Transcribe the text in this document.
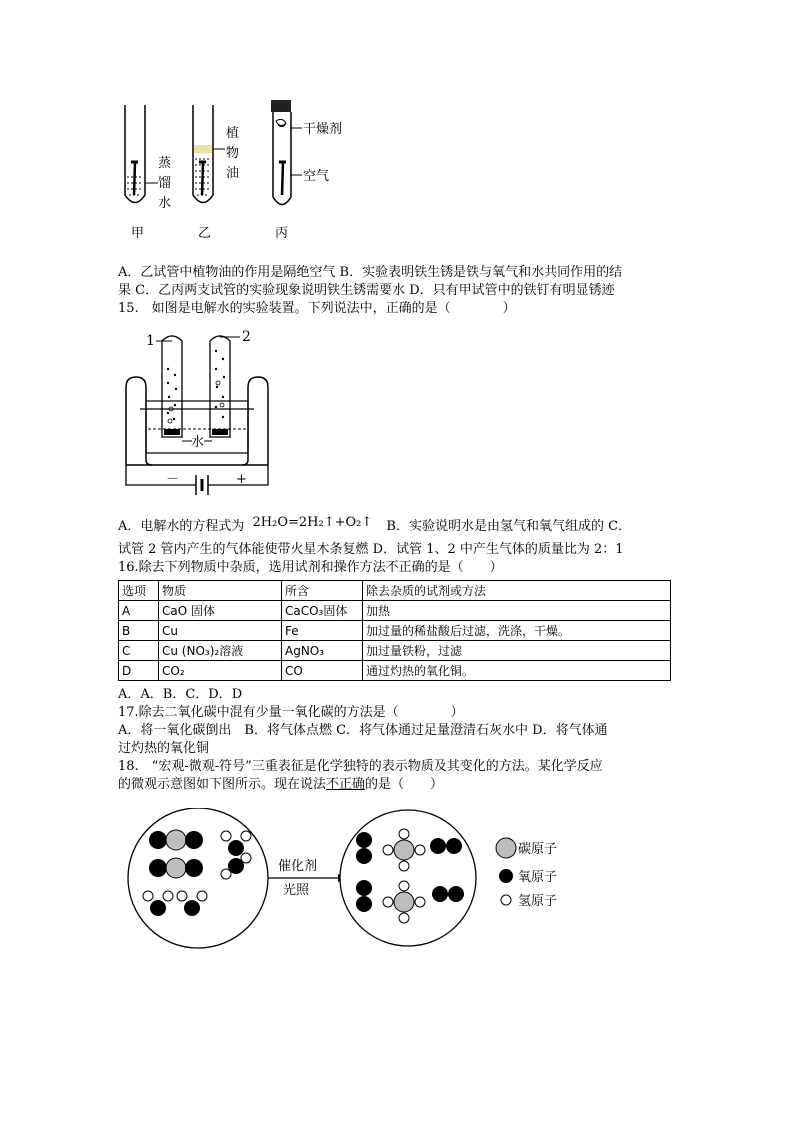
蒸
馏
水
植
物
油
干燥剂
空气
甲	乙	丙
A．乙试管中植物油的作用是隔绝空气 B．实验表明铁生锈是铁与氧气和水共同作用的结
果 C．乙丙两支试管的实验现象说明铁生锈需要水 D．只有甲试管中的铁钉有明显锈迹
15.　如图是电解水的实验装置。下列说法中，正确的是（　　　　）
1	2
水
－	+
A．电解水的方程式为 2H₂O=2H₂↑+O₂↑ B．实验说明水是由氢气和氧气组成的 C．
试管 2 管内产生的气体能使带火星木条复燃 D．试管 1、2 中产生气体的质量比为 2：1
16.除去下列物质中杂质，选用试剂和操作方法不正确的是（　　）
选项	物质	所含	除去杂质的试剂或方法
A	CaO 固体	CaCO₃固体	加热
B	Cu	Fe	加过量的稀盐酸后过滤，洗涤，干燥。
C	Cu (NO₃)₂溶液	AgNO₃	加过量铁粉，过滤
D	CO₂	CO	通过灼热的氧化铜。
A．A．B．C．D．D
17.除去二氧化碳中混有少量一氧化碳的方法是（　　　　）
A．将一氧化碳倒出　B．将气体点燃 C．将气体通过足量澄清石灰水中 D．将气体通
过灼热的氧化铜
18.　“宏观-微观-符号”三重表征是化学独特的表示物质及其变化的方法。某化学反应
的微观示意图如下图所示。现在说法不正确的是（　　）
催化剂
光照
碳原子
氧原子
氢原子
